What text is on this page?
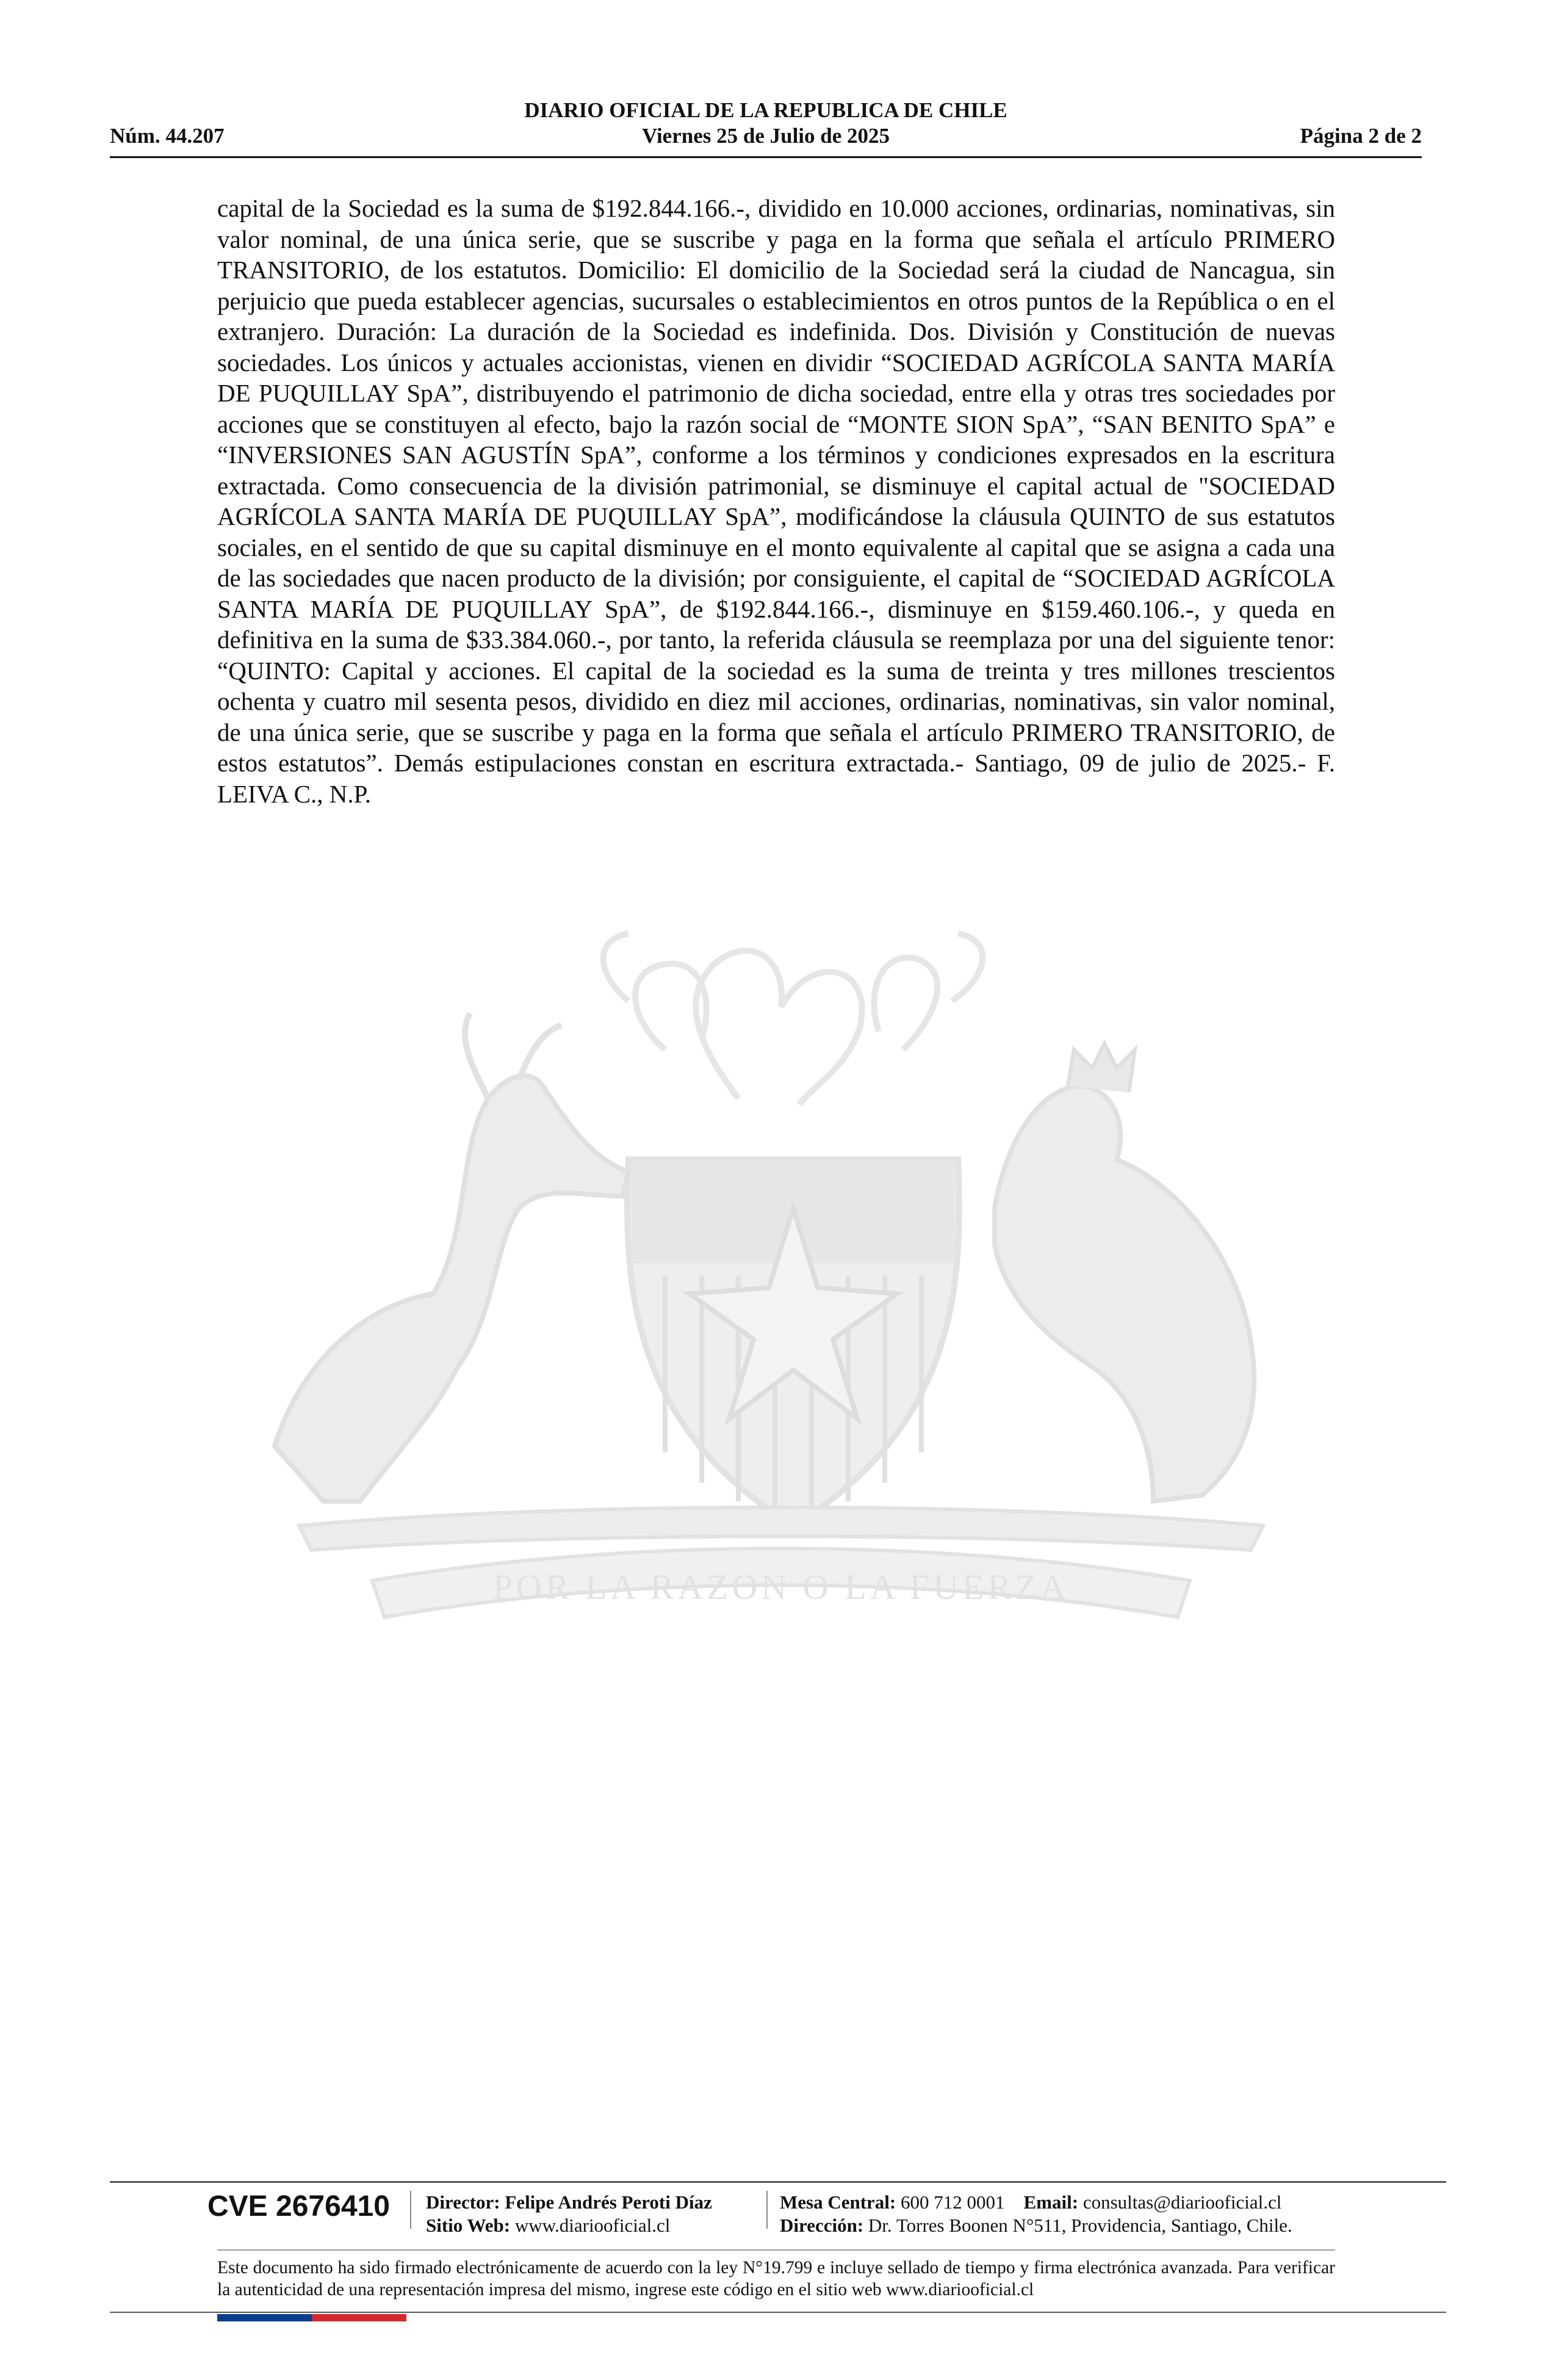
DIARIO OFICIAL DE LA REPUBLICA DE CHILE
Núm. 44.207	Viernes 25 de Julio de 2025	Página 2 de 2
POR LA RAZON O LA FUERZA
capital de la Sociedad es la suma de $192.844.166.-, dividido en 10.000 acciones, ordinarias, nominativas, sin valor nominal, de una única serie, que se suscribe y paga en la forma que señala el artículo PRIMERO TRANSITORIO, de los estatutos. Domicilio: El domicilio de la Sociedad será la ciudad de Nancagua, sin perjuicio que pueda establecer agencias, sucursales o establecimientos en otros puntos de la República o en el extranjero. Duración: La duración de la Sociedad es indefinida. Dos. División y Constitución de nuevas sociedades. Los únicos y actuales accionistas, vienen en dividir “SOCIEDAD AGRÍCOLA SANTA MARÍA DE PUQUILLAY SpA”, distribuyendo el patrimonio de dicha sociedad, entre ella y otras tres sociedades por acciones que se constituyen al efecto, bajo la razón social de “MONTE SION SpA”, “SAN BENITO SpA” e “INVERSIONES SAN AGUSTÍN SpA”, conforme a los términos y condiciones expresados en la escritura extractada. Como consecuencia de la división patrimonial, se disminuye el capital actual de "SOCIEDAD AGRÍCOLA SANTA MARÍA DE PUQUILLAY SpA”, modificándose la cláusula QUINTO de sus estatutos sociales, en el sentido de que su capital disminuye en el monto equivalente al capital que se asigna a cada una de las sociedades que nacen producto de la división; por consiguiente, el capital de “SOCIEDAD AGRÍCOLA SANTA MARÍA DE PUQUILLAY SpA”, de $192.844.166.-, disminuye en $159.460.106.-, y queda en definitiva en la suma de $33.384.060.-, por tanto, la referida cláusula se reemplaza por una del siguiente tenor: “QUINTO: Capital y acciones. El capital de la sociedad es la suma de treinta y tres millones trescientos ochenta y cuatro mil sesenta pesos, dividido en diez mil acciones, ordinarias, nominativas, sin valor nominal, de una única serie, que se suscribe y paga en la forma que señala el artículo PRIMERO TRANSITORIO, de estos estatutos”. Demás estipulaciones constan en escritura extractada.- Santiago, 09 de julio de 2025.- F. LEIVA C., N.P.
CVE 2676410	Director: Felipe Andrés Peroti Díaz
Sitio Web: www.diariooficial.cl
Mesa Central: 600 712 0001 Email: consultas@diariooficial.cl
Dirección: Dr. Torres Boonen N°511, Providencia, Santiago, Chile.
Este documento ha sido firmado electrónicamente de acuerdo con la ley N°19.799 e incluye sellado de tiempo y firma electrónica avanzada. Para verificar la autenticidad de una representación impresa del mismo, ingrese este código en el sitio web www.diariooficial.cl
